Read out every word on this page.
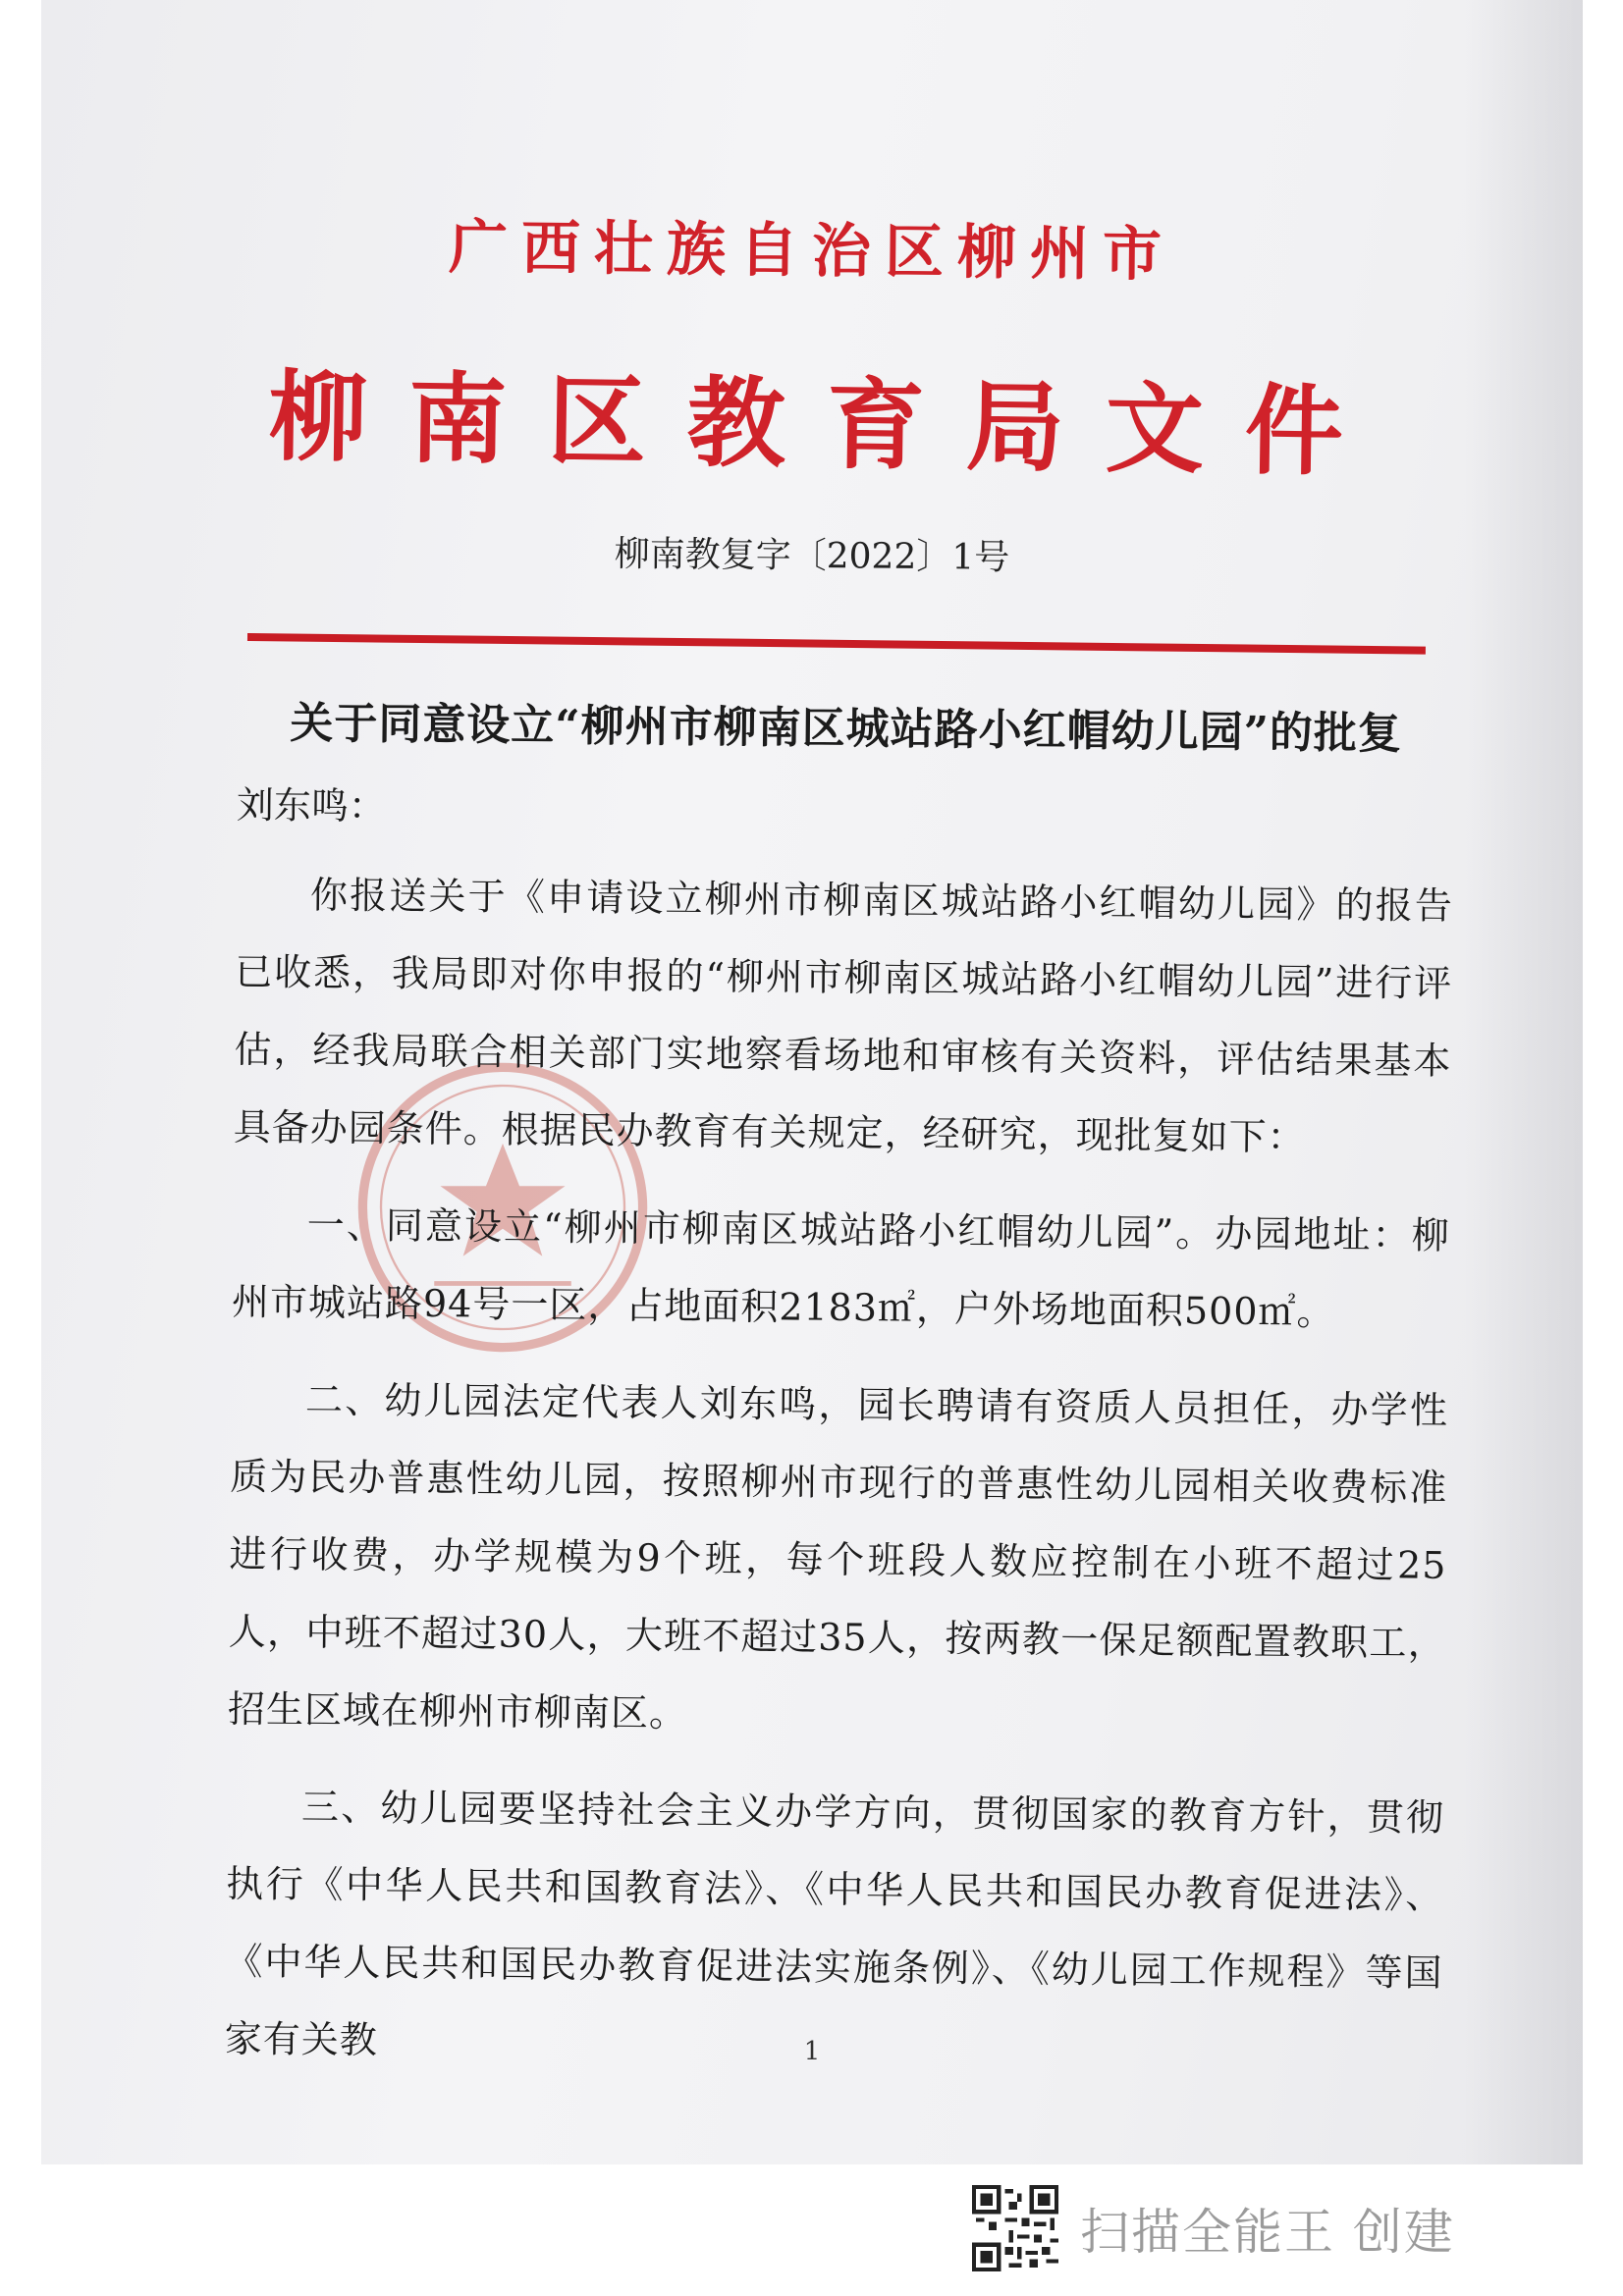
广西壮族自治区柳州市
柳南区教育局文件
柳南教复字〔2022〕1号
关于同意设立“柳州市柳南区城站路小红帽幼儿园”的批复
刘东鸣：

你报送关于《申请设立柳州市柳南区城站路小红帽幼儿园》的报告已收悉，我局即对你申报的“柳州市柳南区城站路小红帽幼儿园”进行评估，经我局联合相关部门实地察看场地和审核有关资料，评估结果基本具备办园条件。根据民办教育有关规定，经研究，现批复如下：

一、同意设立“柳州市柳南区城站路小红帽幼儿园”。办园地址：柳州市城站路94号一区，占地面积2183㎡，户外场地面积500㎡。

二、幼儿园法定代表人刘东鸣，园长聘请有资质人员担任，办学性质为民办普惠性幼儿园，按照柳州市现行的普惠性幼儿园相关收费标准进行收费，办学规模为9个班，每个班段人数应控制在小班不超过25人，中班不超过30人，大班不超过35人，按两教一保足额配置教职工，招生区域在柳州市柳南区。

三、幼儿园要坚持社会主义办学方向，贯彻国家的教育方针，贯彻执行《中华人民共和国教育法》、《中华人民共和国民办教育促进法》、《中华人民共和国民办教育促进法实施条例》、《幼儿园工作规程》等国家有关教	1
扫描全能王 创建
